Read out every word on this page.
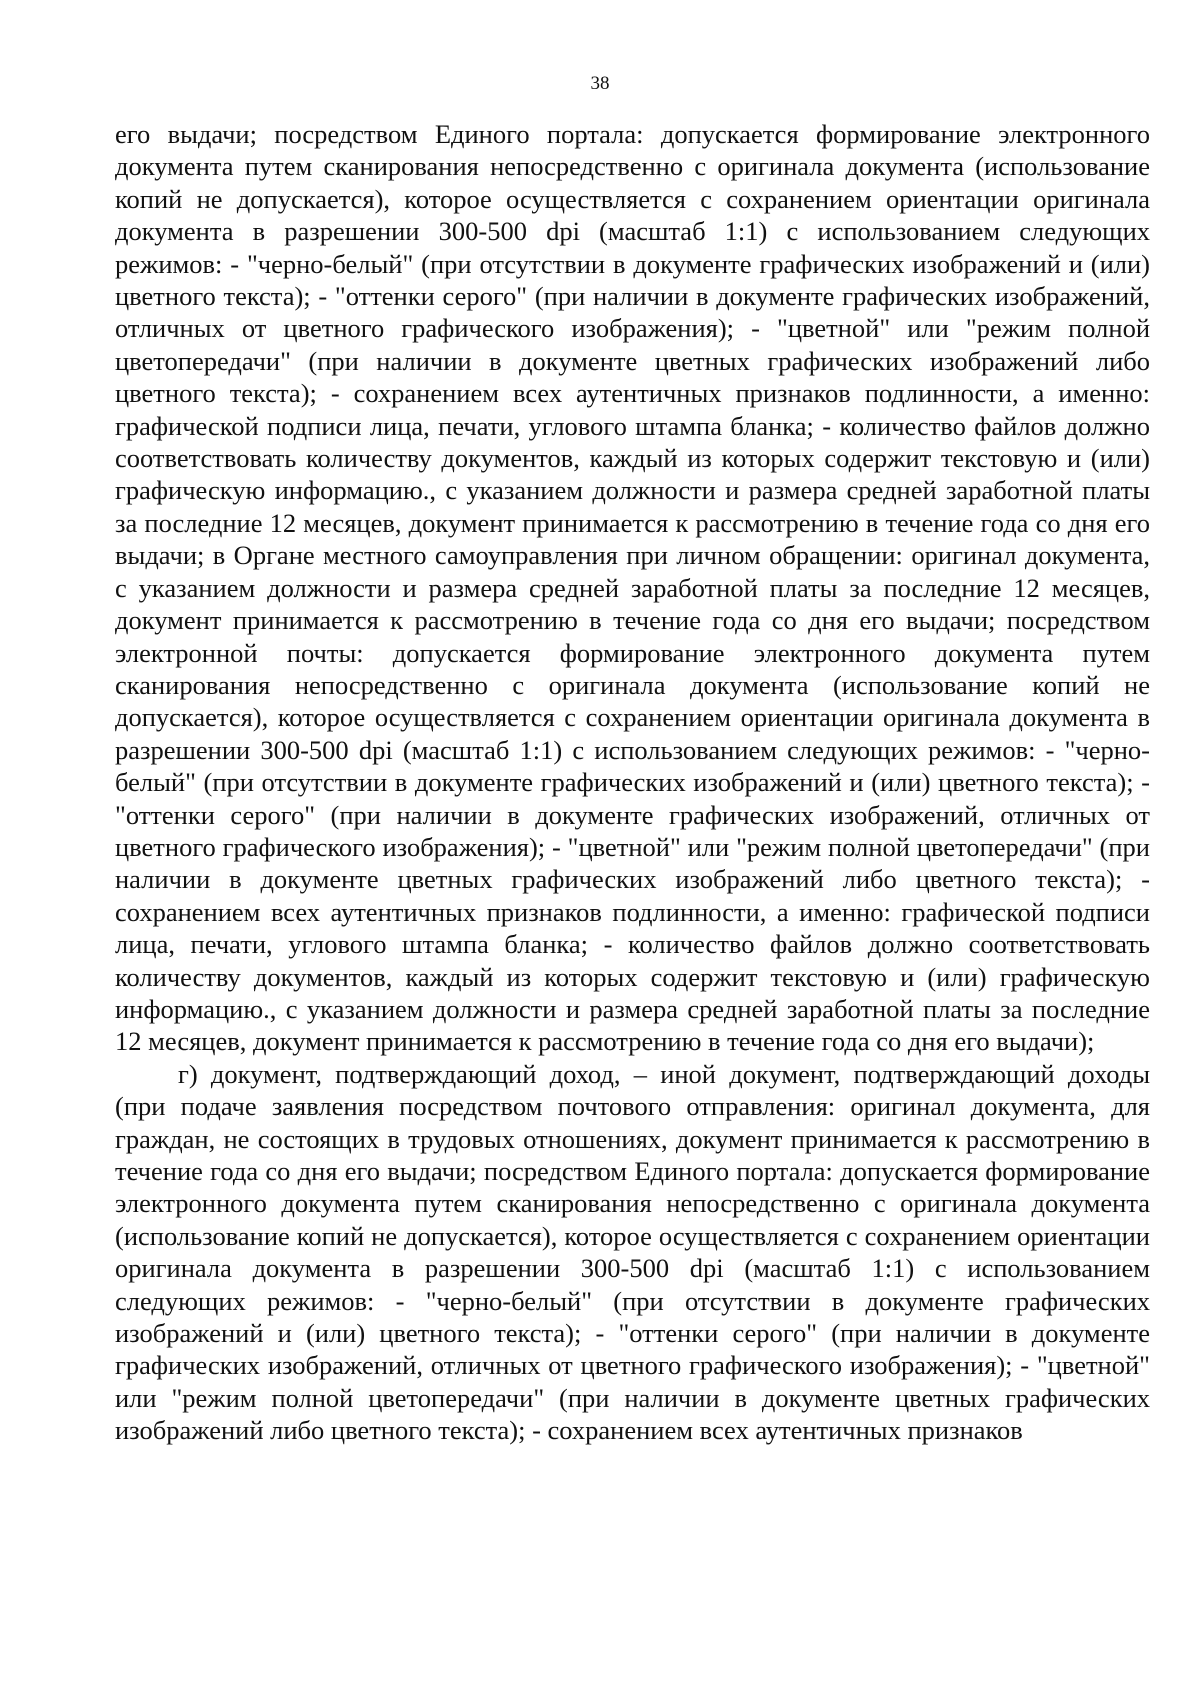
38

его выдачи; посредством Единого портала: допускается формирование электронного документа путем сканирования непосредственно с оригинала документа (использование копий не допускается), которое осуществляется с сохранением ориентации оригинала документа в разрешении 300-500 dpi (масштаб 1:1) с использованием следующих режимов: - "черно-белый" (при отсутствии в документе графических изображений и (или) цветного текста); - "оттенки серого" (при наличии в документе графических изображений, отличных от цветного графического изображения); - "цветной" или "режим полной цветопередачи" (при наличии в документе цветных графических изображений либо цветного текста); - сохранением всех аутентичных признаков подлинности, а именно: графической подписи лица, печати, углового штампа бланка; - количество файлов должно соответствовать количеству документов, каждый из которых содержит текстовую и (или) графическую информацию., с указанием должности и размера средней заработной платы за последние 12 месяцев, документ принимается к рассмотрению в течение года со дня его выдачи; в Органе местного самоуправления при личном обращении: оригинал документа, с указанием должности и размера средней заработной платы за последние 12 месяцев, документ принимается к рассмотрению в течение года со дня его выдачи; посредством электронной почты: допускается формирование электронного документа путем сканирования непосредственно с оригинала документа (использование копий не допускается), которое осуществляется с сохранением ориентации оригинала документа в разрешении 300-500 dpi (масштаб 1:1) с использованием следующих режимов: - "черно-белый" (при отсутствии в документе графических изображений и (или) цветного текста); - "оттенки серого" (при наличии в документе графических изображений, отличных от цветного графического изображения); - "цветной" или "режим полной цветопередачи" (при наличии в документе цветных графических изображений либо цветного текста); - сохранением всех аутентичных признаков подлинности, а именно: графической подписи лица, печати, углового штампа бланка; - количество файлов должно соответствовать количеству документов, каждый из которых содержит текстовую и (или) графическую информацию., с указанием должности и размера средней заработной платы за последние 12 месяцев, документ принимается к рассмотрению в течение года со дня его выдачи);

г) документ, подтверждающий доход, – иной документ, подтверждающий доходы (при подаче заявления посредством почтового отправления: оригинал документа, для граждан, не состоящих в трудовых отношениях, документ принимается к рассмотрению в течение года со дня его выдачи; посредством Единого портала: допускается формирование электронного документа путем сканирования непосредственно с оригинала документа (использование копий не допускается), которое осуществляется с сохранением ориентации оригинала документа в разрешении 300-500 dpi (масштаб 1:1) с использованием следующих режимов: - "черно-белый" (при отсутствии в документе графических изображений и (или) цветного текста); - "оттенки серого" (при наличии в документе графических изображений, отличных от цветного графического изображения); - "цветной" или "режим полной цветопередачи" (при наличии в документе цветных графических изображений либо цветного текста); - сохранением всех аутентичных признаков
